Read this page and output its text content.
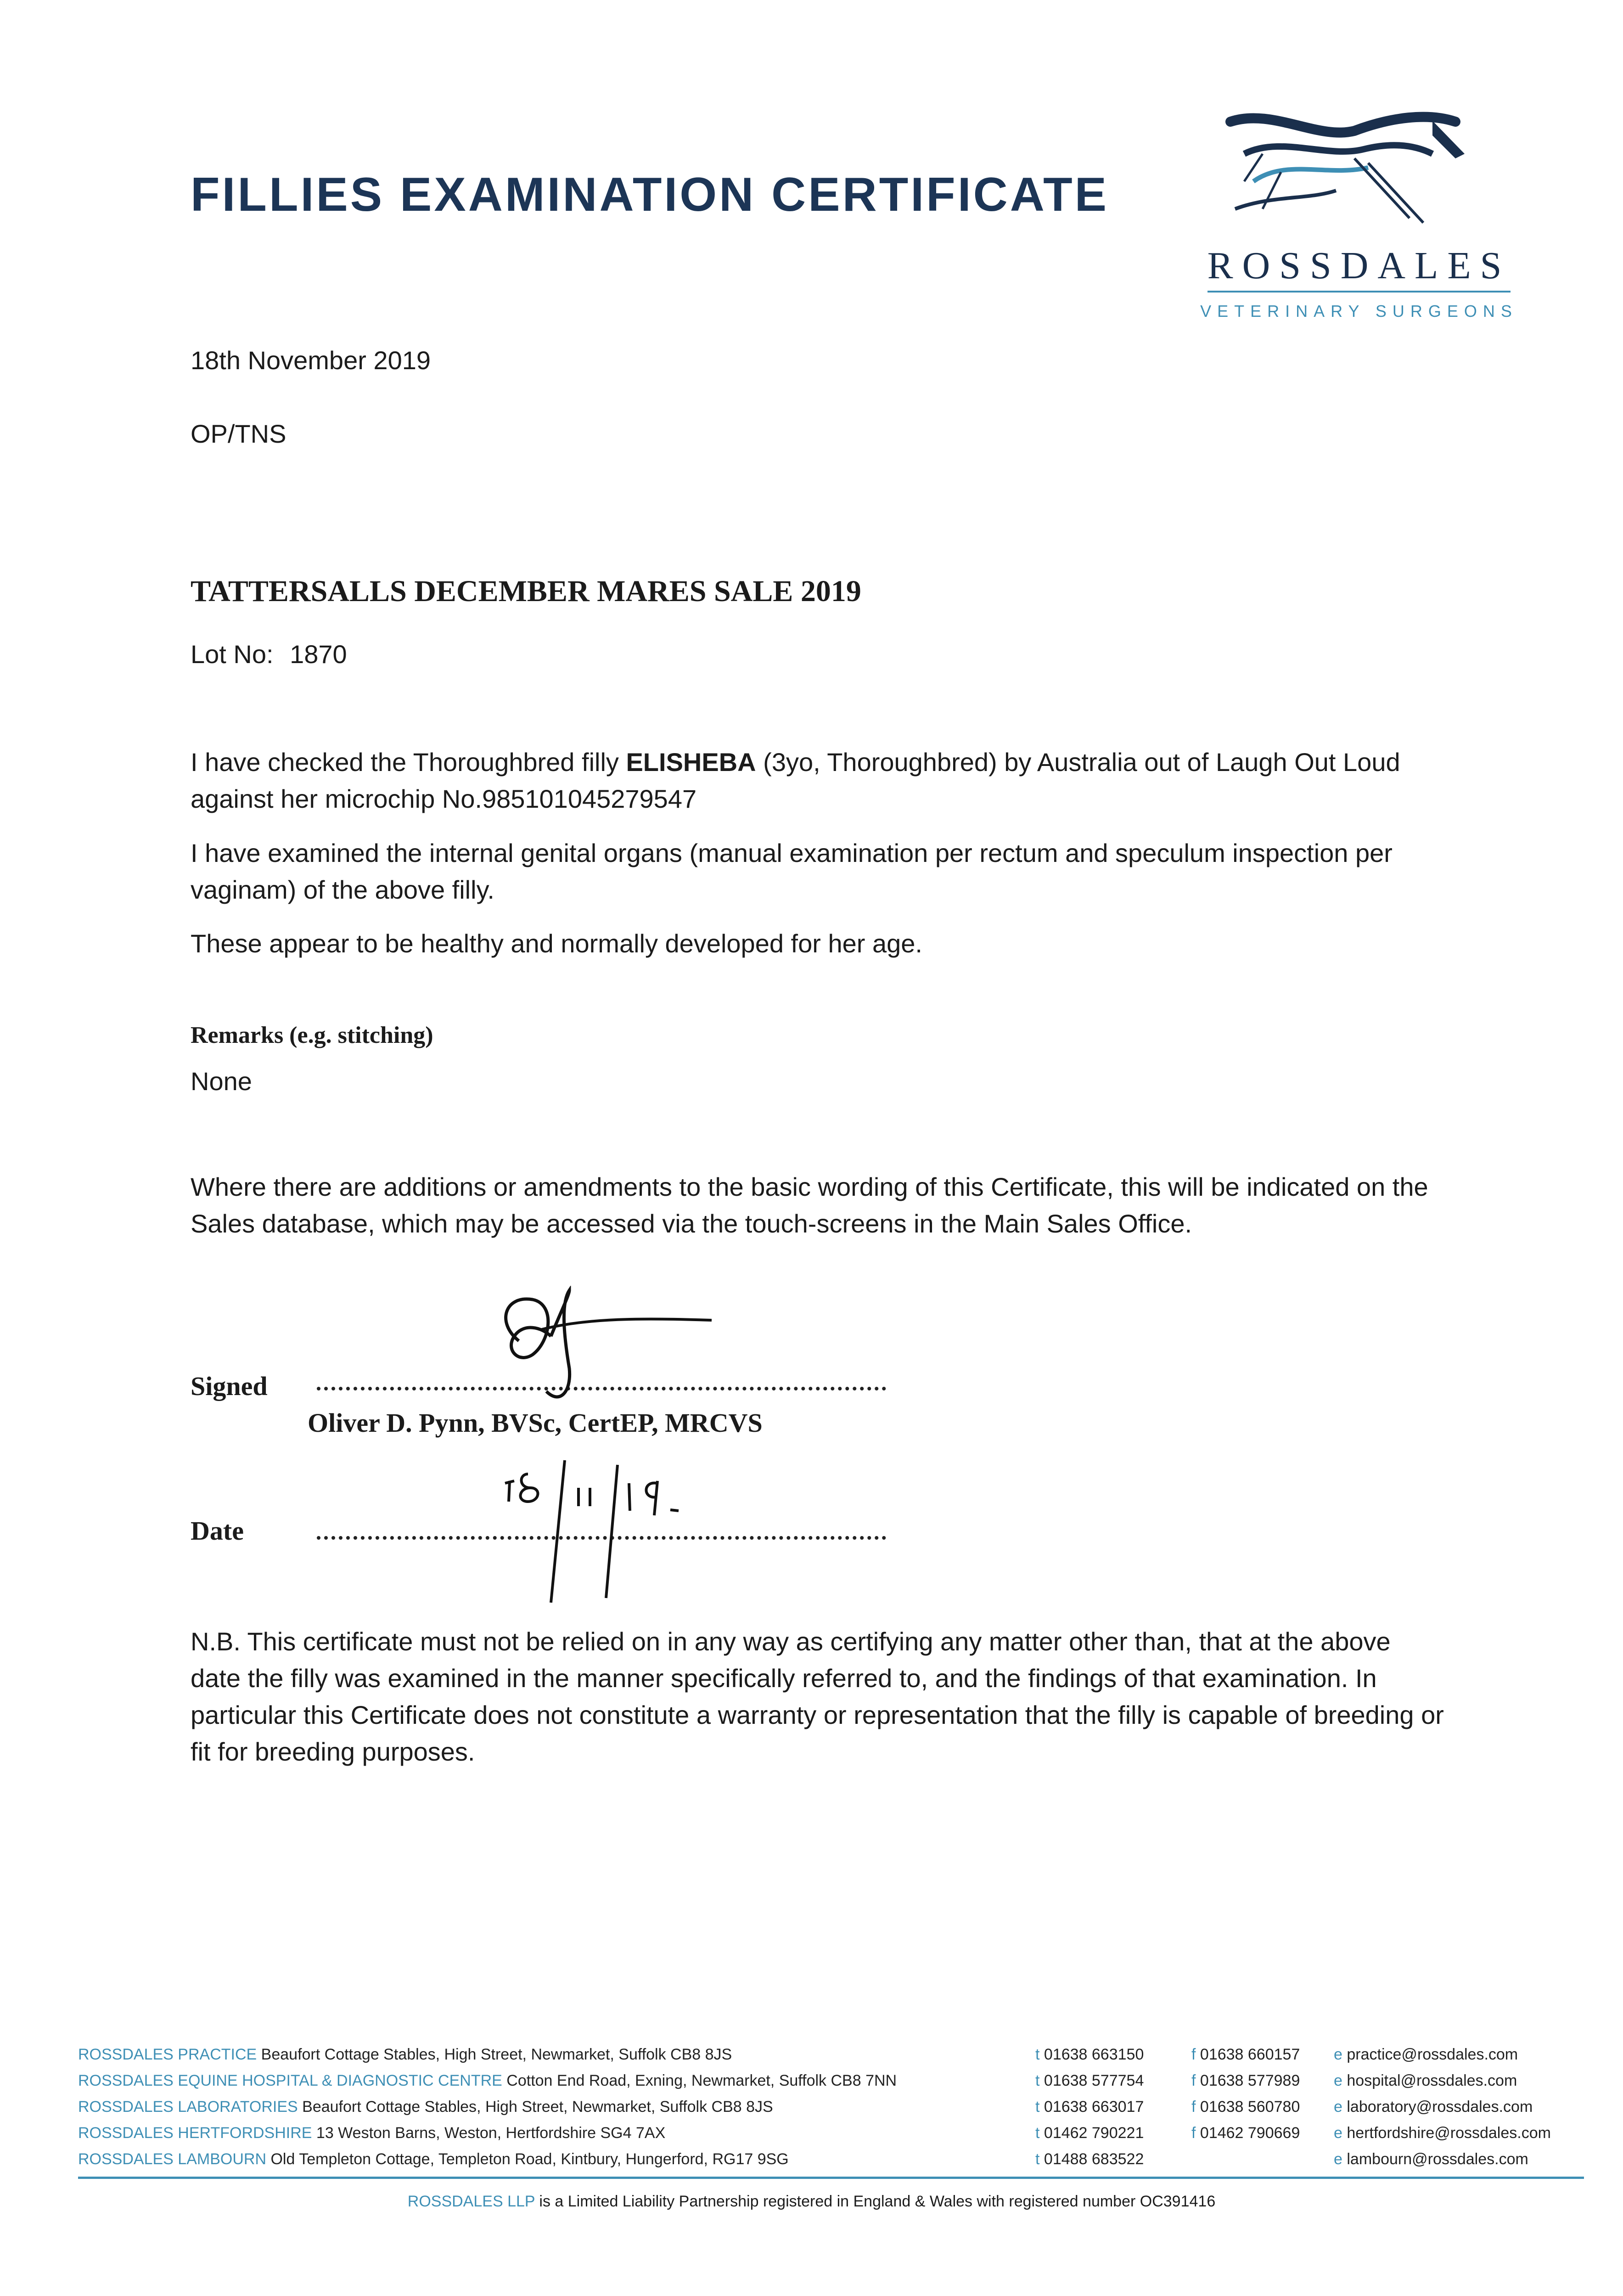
FILLIES EXAMINATION CERTIFICATE
ROSSDALES
VETERINARY SURGEONS
18th November 2019
OP/TNS
TATTERSALLS DECEMBER MARES SALE 2019
Lot No: 1870
I have checked the Thoroughbred filly ELISHEBA (3yo, Thoroughbred) by Australia out of Laugh Out Loud against her microchip No.985101045279547
I have examined the internal genital organs (manual examination per rectum and speculum inspection per vaginam) of the above filly.
These appear to be healthy and normally developed for her age.
Remarks (e.g. stitching)
None
Where there are additions or amendments to the basic wording of this Certificate, this will be indicated on the Sales database, which may be accessed via the touch-screens in the Main Sales Office.
Signed
Oliver D. Pynn, BVSc, CertEP, MRCVS
Date
N.B. This certificate must not be relied on in any way as certifying any matter other than, that at the above date the filly was examined in the manner specifically referred to, and the findings of that examination. In particular this Certificate does not constitute a warranty or representation that the filly is capable of breeding or fit for breeding purposes.
ROSSDALES PRACTICE Beaufort Cottage Stables, High Street, Newmarket, Suffolk CB8 8JS
ROSSDALES EQUINE HOSPITAL & DIAGNOSTIC CENTRE Cotton End Road, Exning, Newmarket, Suffolk CB8 7NN
ROSSDALES LABORATORIES Beaufort Cottage Stables, High Street, Newmarket, Suffolk CB8 8JS
ROSSDALES HERTFORDSHIRE 13 Weston Barns, Weston, Hertfordshire SG4 7AX
ROSSDALES LAMBOURN Old Templeton Cottage, Templeton Road, Kintbury, Hungerford, RG17 9SG
t 01638 663150
t 01638 577754
t 01638 663017
t 01462 790221
t 01488 683522
f 01638 660157
f 01638 577989
f 01638 560780
f 01462 790669
e practice@rossdales.com
e hospital@rossdales.com
e laboratory@rossdales.com
e hertfordshire@rossdales.com
e lambourn@rossdales.com
ROSSDALES LLP is a Limited Liability Partnership registered in England & Wales with registered number OC391416
